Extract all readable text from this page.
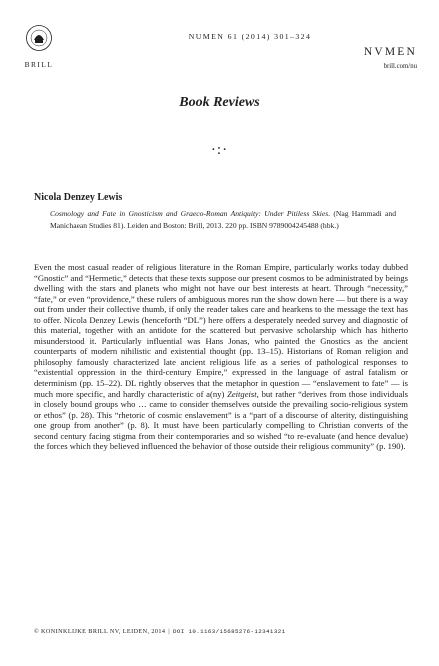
BRILL
NUMEN 61 (2014) 301–324
NVMEN
brill.com/nu
Book Reviews
·:·
Nicola Denzey Lewis
Cosmology and Fate in Gnosticism and Graeco-Roman Antiquity: Under Pitiless Skies. (Nag Hammadi and Manichaean Studies 81). Leiden and Boston: Brill, 2013. 220 pp. ISBN 9789004245488 (hbk.)
Even the most casual reader of religious literature in the Roman Empire, particularly works today dubbed “Gnostic” and “Hermetic,” detects that these texts suppose our present cosmos to be administrated by beings dwelling with the stars and planets who might not have our best interests at heart. Through “necessity,” “fate,” or even “providence,” these rulers of ambiguous mores run the show down here — but there is a way out from under their collective thumb, if only the reader takes care and hearkens to the message the text has to offer. Nicola Denzey Lewis (henceforth “DL”) here offers a desperately needed survey and diagnostic of this material, together with an antidote for the scattered but pervasive scholarship which has hitherto misunderstood it. Particularly influential was Hans Jonas, who painted the Gnostics as the ancient counterparts of modern nihilistic and existential thought (pp. 13–15). Historians of Roman religion and philosophy famously characterized late ancient religious life as a series of pathological responses to “existential oppression in the third-century Empire,” expressed in the language of astral fatalism or determinism (pp. 15–22). DL rightly observes that the metaphor in question — “enslavement to fate” — is much more specific, and hardly characteristic of a(ny) Zeitgeist, but rather “derives from those individuals in closely bound groups who … came to consider themselves outside the prevailing socio-religious system or ethos” (p. 28). This “rhetoric of cosmic enslavement” is a “part of a discourse of alterity, distinguishing one group from another” (p. 8). It must have been particularly compelling to Christian converts of the second century facing stigma from their contemporaries and so wished “to re-evaluate (and hence devalue) the forces which they believed influenced the behavior of those outside their religious community” (p. 190).
© KONINKLIJKE BRILL NV, LEIDEN, 2014 | DOI 10.1163/15685276-12341321
